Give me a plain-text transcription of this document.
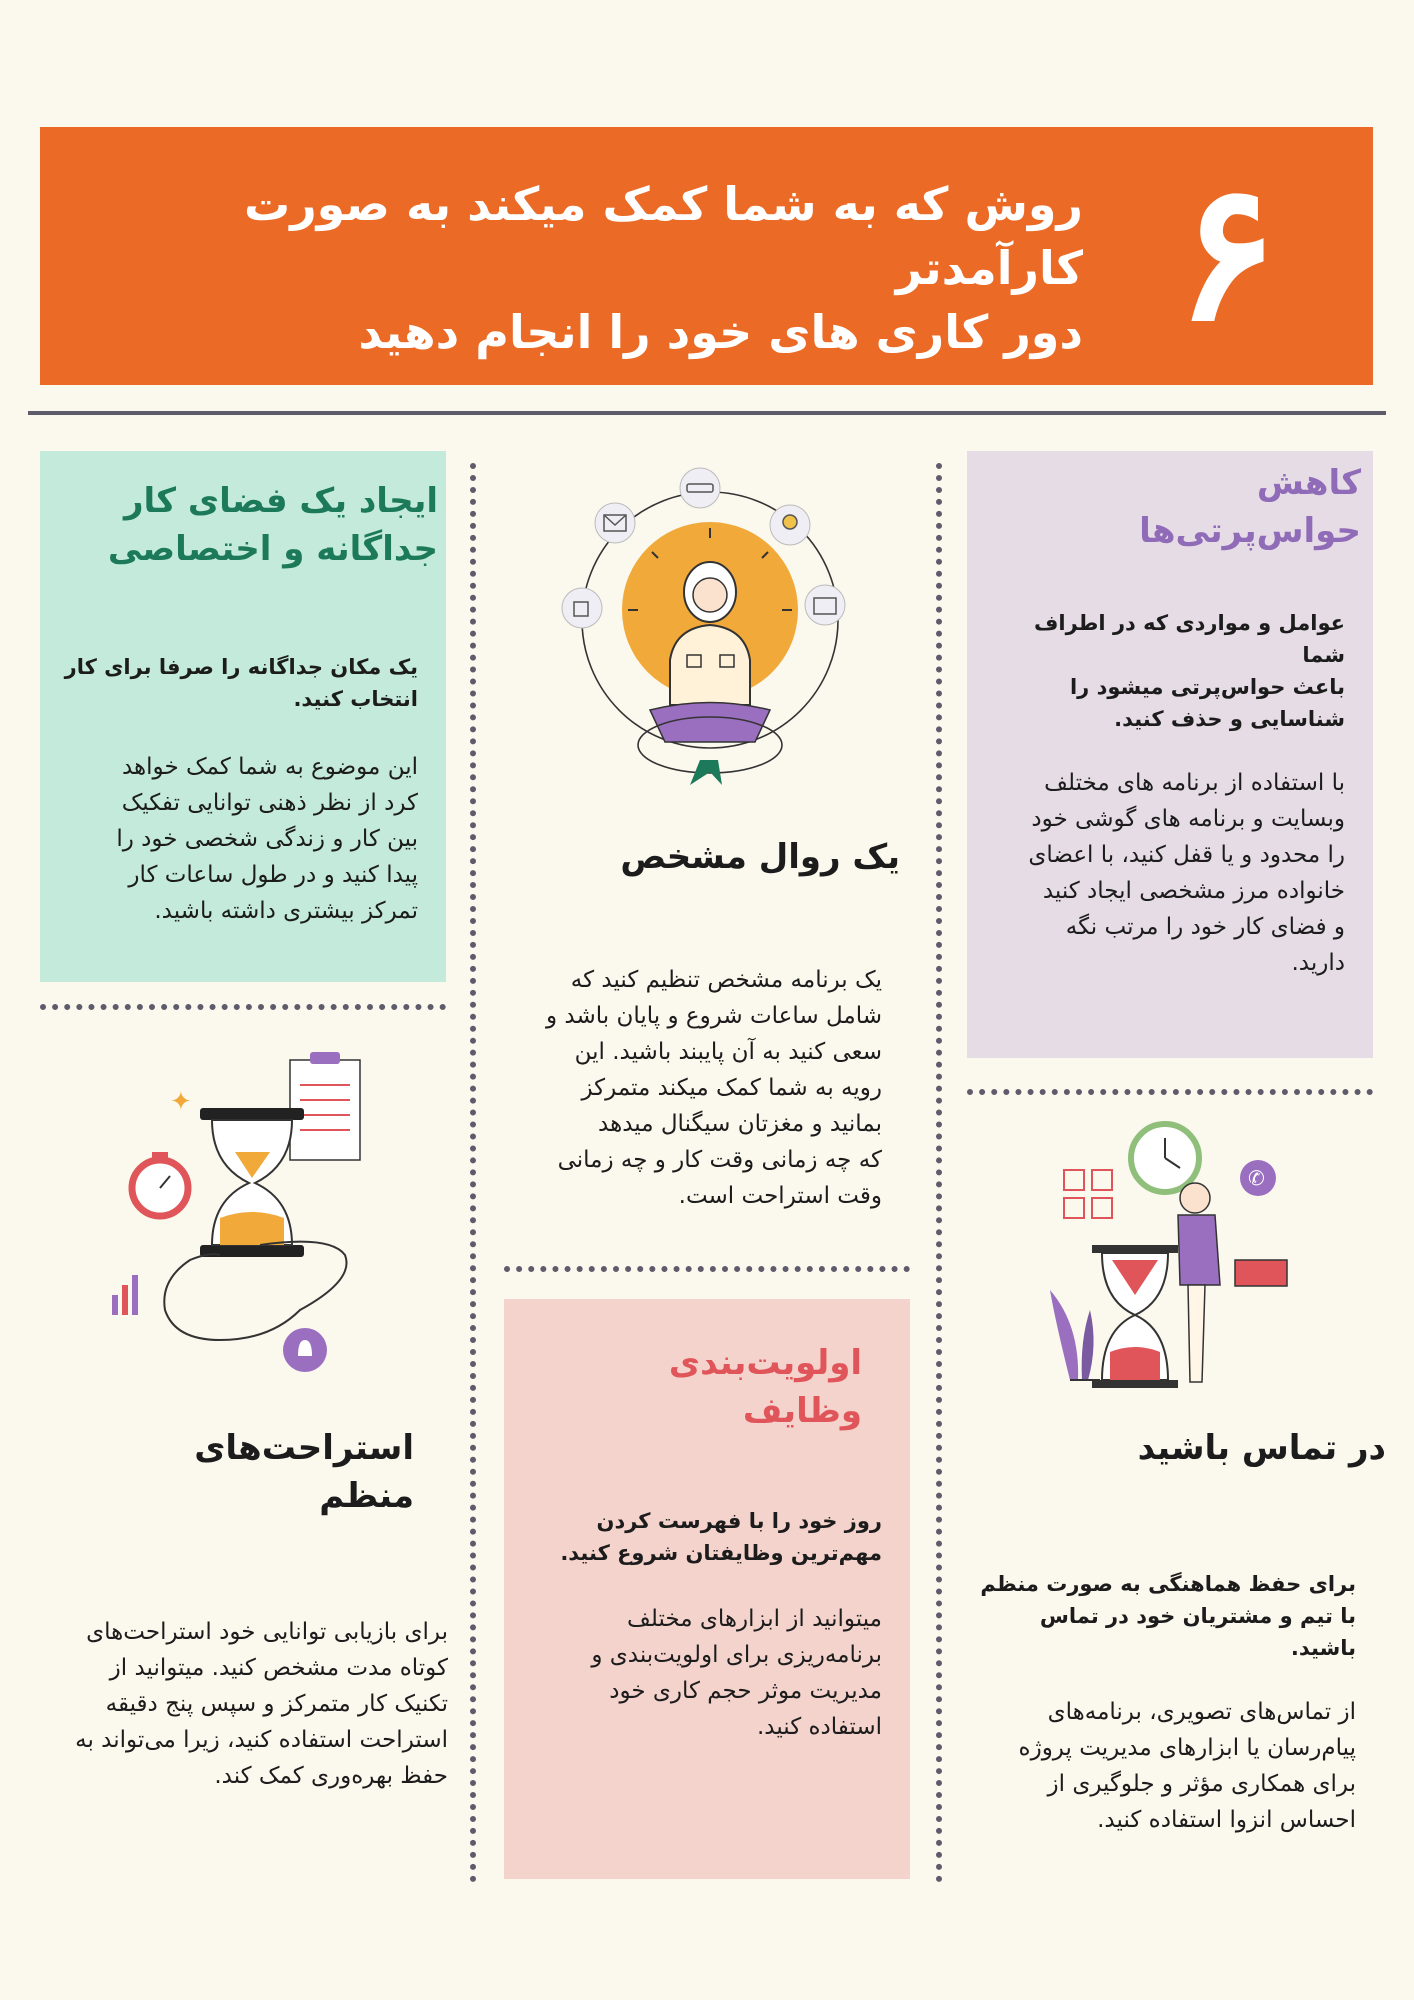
۶
روش که به شما کمک میکند به صورت کارآمدتر
دور کاری های خود را انجام دهید
ایجاد یک فضای کار
جداگانه و اختصاصی
یک مکان جداگانه را صرفا برای کار
انتخاب کنید.
این موضوع به شما کمک خواهد
کرد از نظر ذهنی توانایی تفکیک
بین کار و زندگی شخصی خود را
پیدا کنید و در طول ساعات کار
تمرکز بیشتری داشته باشید.
یک روال مشخص
یک برنامه مشخص تنظیم کنید که
شامل ساعات شروع و پایان باشد و
سعی کنید به آن پایبند باشید. این
رویه به شما کمک میکند متمرکز
بمانید و مغزتان سیگنال میدهد
که چه زمانی وقت کار و چه زمانی
وقت استراحت است.
کاهش
حواس‌پرتی‌ها
عوامل و مواردی که در اطراف شما
باعث حواس‌پرتی میشود را
شناسایی و حذف کنید.
با استفاده از برنامه های مختلف
وبسایت و برنامه های گوشی خود
را محدود و یا قفل کنید، با اعضای
خانواده مرز مشخصی ایجاد کنید
و فضای کار خود را مرتب نگه
دارید.
✦
استراحت‌های
منظم
برای بازیابی توانایی خود استراحت‌های
کوتاه مدت مشخص کنید. میتوانید از
تکنیک کار متمرکز و سپس پنج دقیقه
استراحت استفاده کنید، زیرا می‌تواند به
حفظ بهره‌وری کمک کند.
اولویت‌بندی
وظایف
روز خود را با فهرست کردن
مهم‌ترین وظایفتان شروع کنید.
میتوانید از ابزارهای مختلف
برنامه‌ریزی برای اولویت‌بندی و
مدیریت موثر حجم کاری خود
استفاده کنید.
✆
در تماس باشید
برای حفظ هماهنگی به صورت منظم
با تیم و مشتریان خود در تماس
باشید.
از تماس‌های تصویری، برنامه‌های
پیام‌رسان یا ابزارهای مدیریت پروژه
برای همکاری مؤثر و جلوگیری از
احساس انزوا استفاده کنید.
